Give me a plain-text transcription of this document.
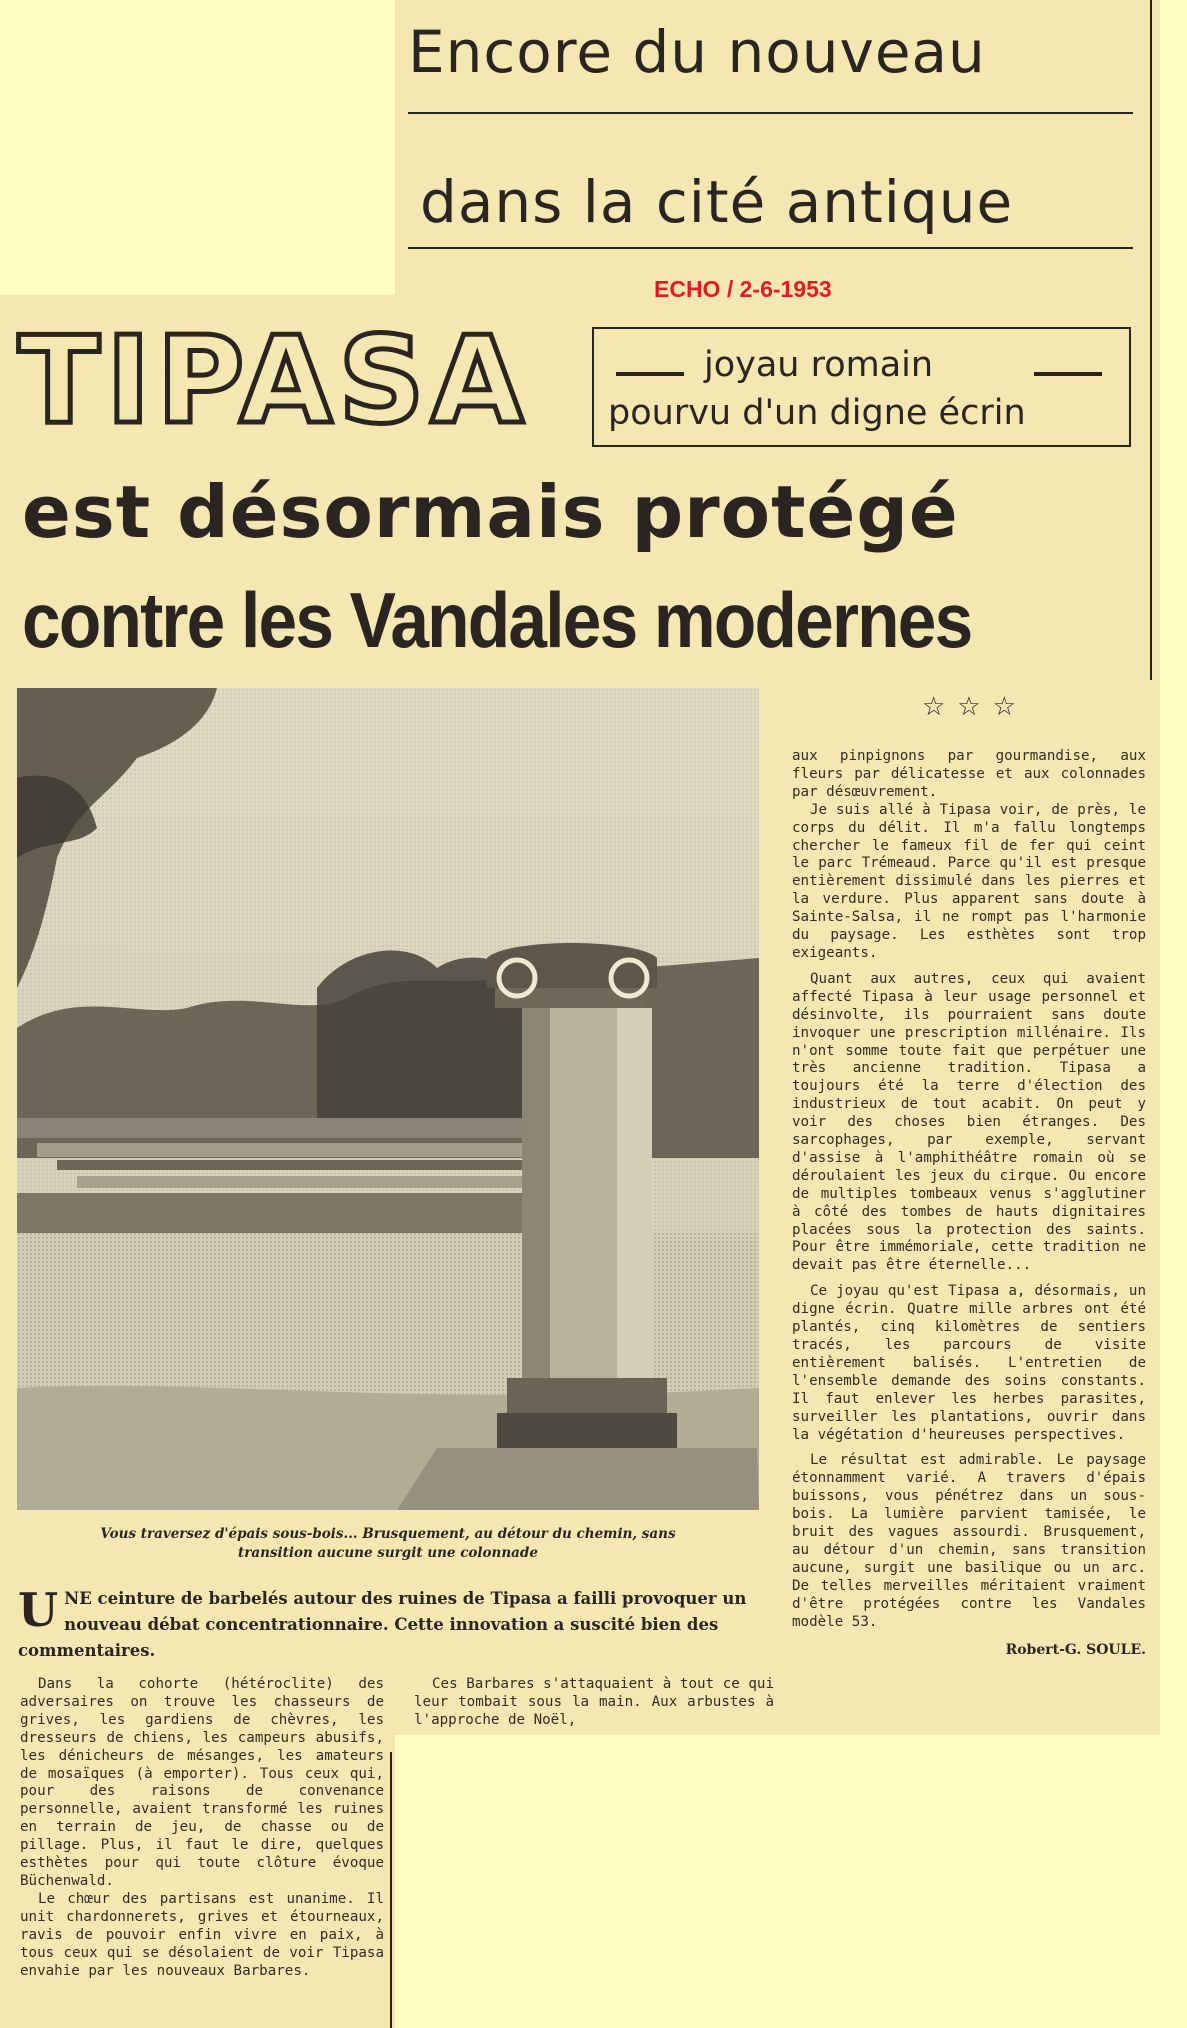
Encore du nouveau
dans la cité antique
ECHO / 2-6-1953
TIPASA	joyau romain
pourvu d'un digne écrin
est désormais protégé
contre les Vandales modernes
Vous traversez d'épais sous-bois... Brusquement, au détour du chemin, sans
transition aucune surgit une colonnade
UNE ceinture de barbelés autour des ruines de Tipasa a failli provoquer un nouveau débat concentrationnaire. Cette innovation a suscité bien des commentaires.

Dans la cohorte (hétéroclite) des adversaires on trouve les chasseurs de grives, les gardiens de chèvres, les dresseurs de chiens, les campeurs abusifs, les dénicheurs de mésanges, les amateurs de mosaïques (à emporter). Tous ceux qui, pour des raisons de convenance personnelle, avaient transformé les ruines en terrain de jeu, de chasse ou de pillage. Plus, il faut le dire, quelques esthètes pour qui toute clôture évoque Büchenwald.

Le chœur des partisans est unanime. Il unit chardonnerets, grives et étourneaux, ravis de pouvoir enfin vivre en paix, à tous ceux qui se désolaient de voir Tipasa envahie par les nouveaux Barbares.

Ces Barbares s'attaquaient à tout ce qui leur tombait sous la main. Aux arbustes à l'approche de Noël,

☆☆☆

aux pinpignons par gourmandise, aux fleurs par délicatesse et aux colonnades par désœuvrement.

Je suis allé à Tipasa voir, de près, le corps du délit. Il m'a fallu longtemps chercher le fameux fil de fer qui ceint le parc Trémeaud. Parce qu'il est presque entièrement dissimulé dans les pierres et la verdure. Plus apparent sans doute à Sainte-Salsa, il ne rompt pas l'harmonie du paysage. Les esthètes sont trop exigeants.

Quant aux autres, ceux qui avaient affecté Tipasa à leur usage personnel et désinvolte, ils pourraient sans doute invoquer une prescription millénaire. Ils n'ont somme toute fait que perpétuer une très ancienne tradition. Tipasa a toujours été la terre d'élection des industrieux de tout acabit. On peut y voir des choses bien étranges. Des sarcophages, par exemple, servant d'assise à l'amphithéâtre romain où se déroulaient les jeux du cirque. Ou encore de multiples tombeaux venus s'agglutiner à côté des tombes de hauts dignitaires placées sous la protection des saints. Pour être immémoriale, cette tradition ne devait pas être éternelle...

Ce joyau qu'est Tipasa a, désormais, un digne écrin. Quatre mille arbres ont été plantés, cinq kilomètres de sentiers tracés, les parcours de visite entièrement balisés. L'entretien de l'ensemble demande des soins constants. Il faut enlever les herbes parasites, surveiller les plantations, ouvrir dans la végétation d'heureuses perspectives.

Le résultat est admirable. Le paysage étonnamment varié. A travers d'épais buissons, vous pénétrez dans un sous-bois. La lumière parvient tamisée, le bruit des vagues assourdi. Brusquement, au détour d'un chemin, sans transition aucune, surgit une basilique ou un arc. De telles merveilles méritaient vraiment d'être protégées contre les Vandales modèle 53.

Robert-G. SOULE.
